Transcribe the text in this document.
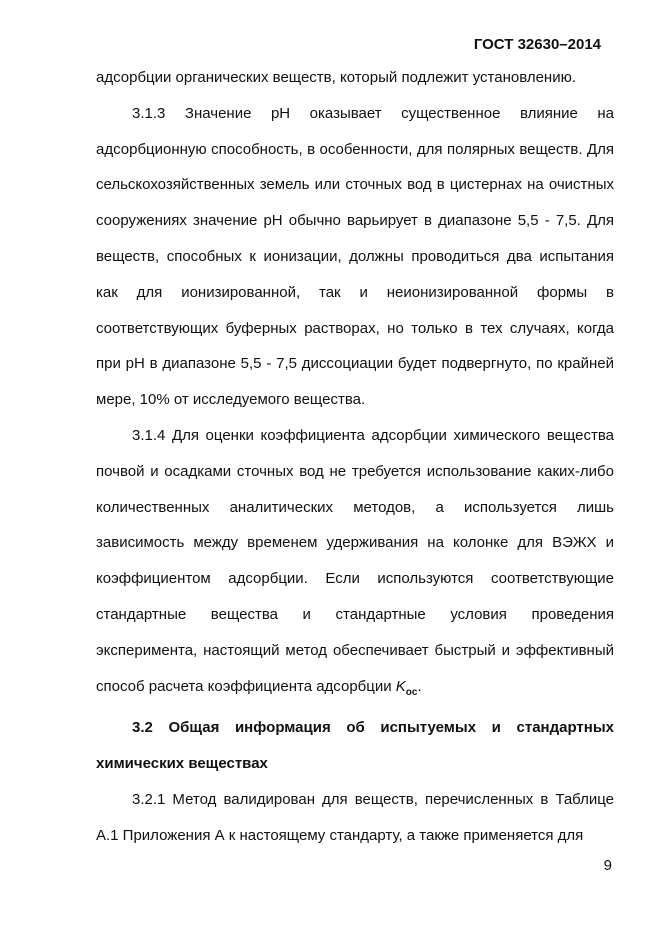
ГОСТ 32630–2014

адсорбции органических веществ, который подлежит установлению.

3.1.3 Значение pH оказывает существенное влияние на адсорбционную способность, в особенности, для полярных веществ. Для сельскохозяйственных земель или сточных вод в цистернах на очистных сооружениях значение pH обычно варьирует в диапазоне 5,5 - 7,5. Для веществ, способных к ионизации, должны проводиться два испытания как для ионизированной, так и неионизированной формы в соответствующих буферных растворах, но только в тех случаях, когда при pH в диапазоне 5,5 - 7,5 диссоциации будет подвергнуто, по крайней мере, 10% от исследуемого вещества.

3.1.4 Для оценки коэффициента адсорбции химического вещества почвой и осадками сточных вод не требуется использование каких-либо количественных аналитических методов, а используется лишь зависимость между временем удерживания на колонке для ВЭЖХ и коэффициентом адсорбции. Если используются соответствующие стандартные вещества и стандартные условия проведения эксперимента, настоящий метод обеспечивает быстрый и эффективный способ расчета коэффициента адсорбции $K_{oc}$.

3.2 Общая информация об испытуемых и стандартных химических веществах

3.2.1 Метод валидирован для веществ, перечисленных в Таблице А.1 Приложения А к настоящему стандарту, а также применяется для

9
